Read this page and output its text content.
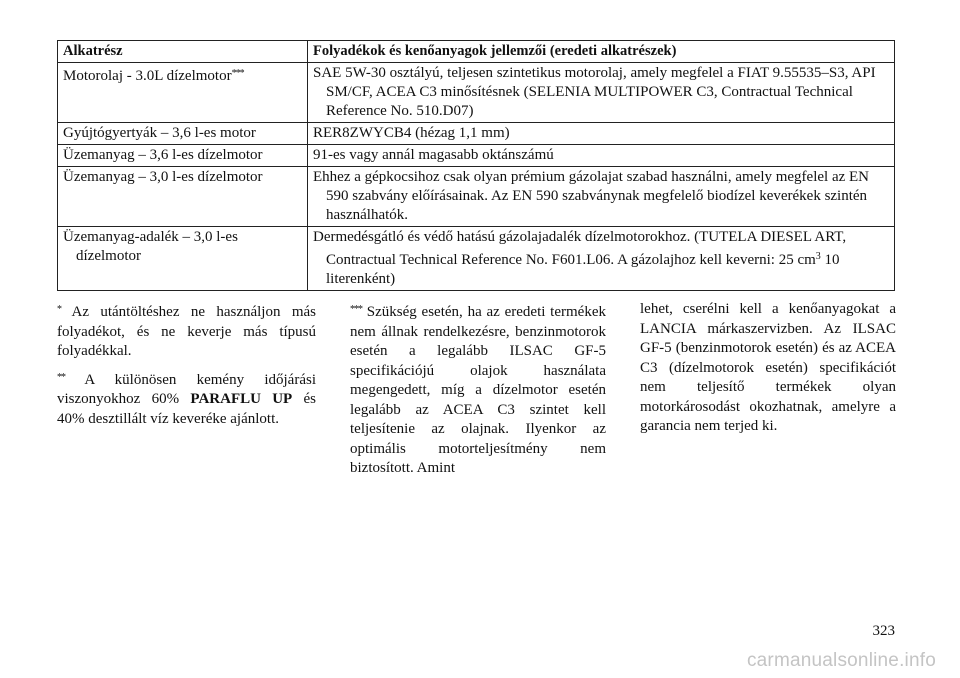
Alkatrész	Folyadékok és kenőanyagok jellemzői (eredeti alkatrészek)
Motorolaj - 3.0L dízelmotor***	SAE 5W-30 osztályú, teljesen szintetikus motorolaj, amely megfelel a FIAT 9.55535–S3, API SM/CF, ACEA C3 minősítésnek (SELENIA MULTIPOWER C3, Contractual Technical Reference No. 510.D07)
Gyújtógyertyák – 3,6 l-es motor	RER8ZWYCB4 (hézag 1,1 mm)
Üzemanyag – 3,6 l-es dízelmotor	91-es vagy annál magasabb oktánszámú
Üzemanyag – 3,0 l-es dízelmotor	Ehhez a gépkocsihoz csak olyan prémium gázolajat szabad használni, amely megfelel az EN 590 szabvány előírásainak. Az EN 590 szabványnak megfelelő biodízel keverékek szintén használhatók.
Üzemanyag-adalék – 3,0 l-es dízelmotor	Dermedésgátló és védő hatású gázolajadalék dízelmotorokhoz. (TUTELA DIESEL ART, Contractual Technical Reference No. F601.L06. A gázolajhoz kell keverni: 25 $cm^3$ 10 literenként)

* Az utántöltéshez ne használjon más folyadékot, és ne keverje más típusú folyadékkal.

** A különösen kemény időjárási viszonyokhoz 60% PARAFLU UP és 40% desztillált víz keveréke ajánlott.

*** Szükség esetén, ha az eredeti termékek nem állnak rendelkezésre, benzinmotorok esetén a legalább ILSAC GF-5 specifikációjú olajok használata megengedett, míg a dízelmotor esetén legalább az ACEA C3 szintet kell teljesítenie az olajnak. Ilyenkor az optimális motorteljesítmény nem biztosított. Amint

lehet, cserélni kell a kenőanyagokat a LANCIA márkaszervizben. Az ILSAC GF-5 (benzinmotorok esetén) és az ACEA C3 (dízelmotorok esetén) specifikációt nem teljesítő termékek olyan motorkárosodást okozhatnak, amelyre a garancia nem terjed ki.

323
carmanualsonline.info
